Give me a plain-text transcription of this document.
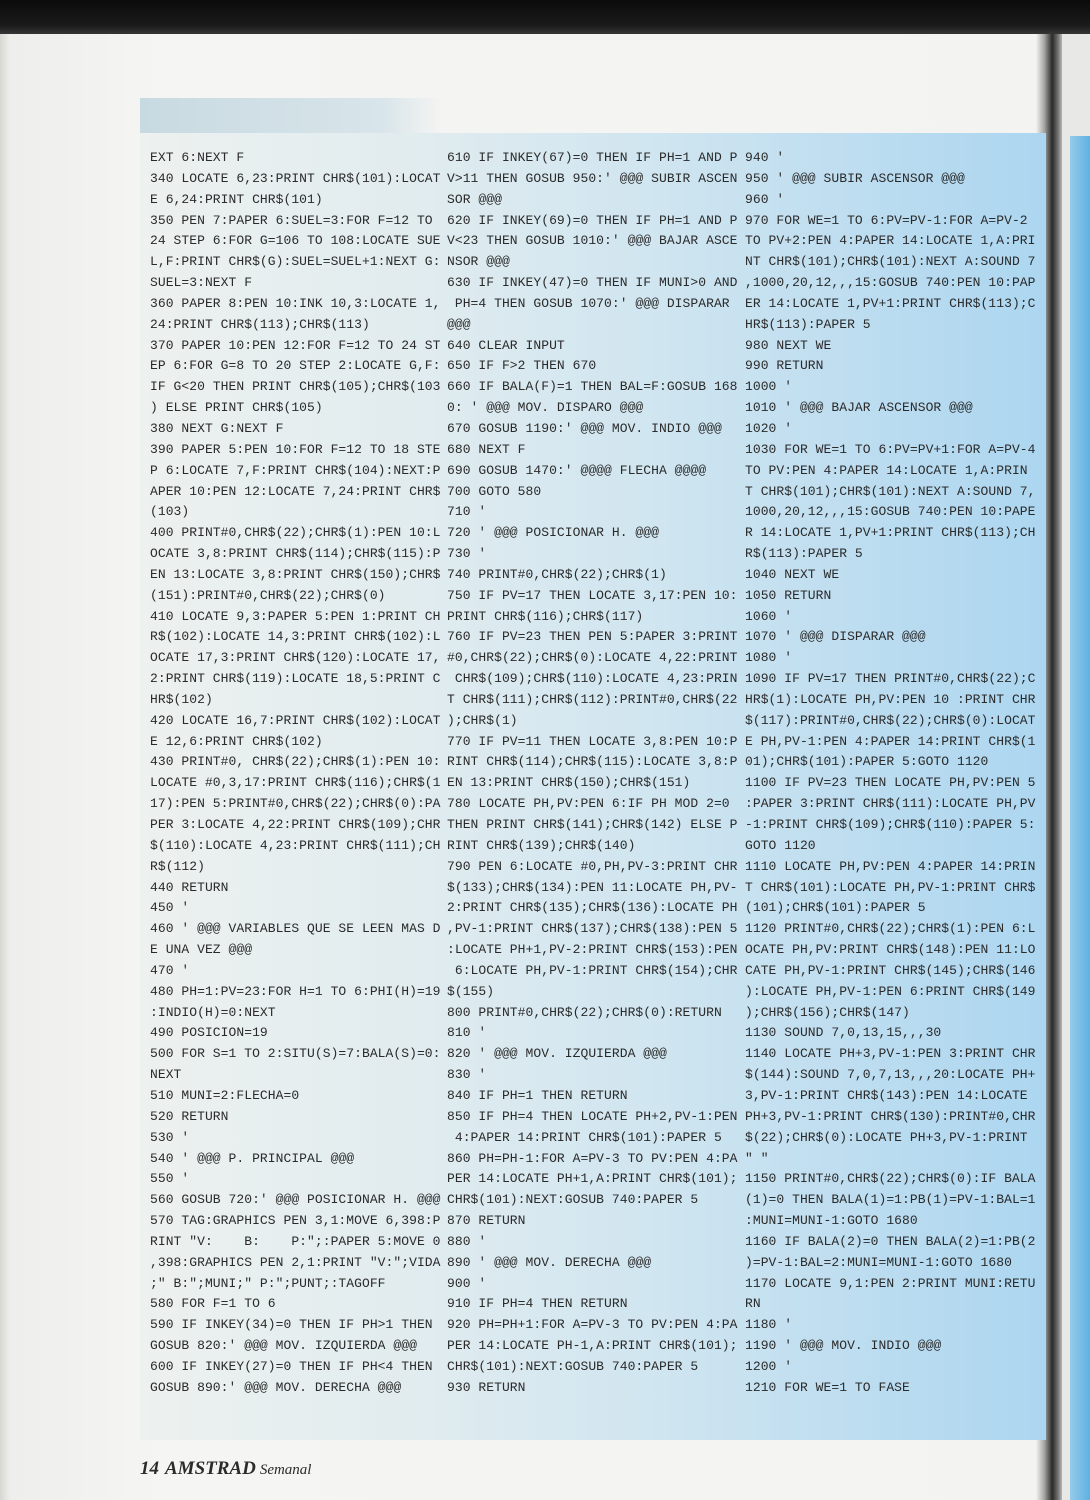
EXT 6:NEXT F
340 LOCATE 6,23:PRINT CHR$(101):LOCAT
E 6,24:PRINT CHR$(101)
350 PEN 7:PAPER 6:SUEL=3:FOR F=12 TO
24 STEP 6:FOR G=106 TO 108:LOCATE SUE
L,F:PRINT CHR$(G):SUEL=SUEL+1:NEXT G:
SUEL=3:NEXT F
360 PAPER 8:PEN 10:INK 10,3:LOCATE 1,
24:PRINT CHR$(113);CHR$(113)
370 PAPER 10:PEN 12:FOR F=12 TO 24 ST
EP 6:FOR G=8 TO 20 STEP 2:LOCATE G,F:
IF G<20 THEN PRINT CHR$(105);CHR$(103
) ELSE PRINT CHR$(105)
380 NEXT G:NEXT F
390 PAPER 5:PEN 10:FOR F=12 TO 18 STE
P 6:LOCATE 7,F:PRINT CHR$(104):NEXT:P
APER 10:PEN 12:LOCATE 7,24:PRINT CHR$
(103)
400 PRINT#0,CHR$(22);CHR$(1):PEN 10:L
OCATE 3,8:PRINT CHR$(114);CHR$(115):P
EN 13:LOCATE 3,8:PRINT CHR$(150);CHR$
(151):PRINT#0,CHR$(22);CHR$(0)
410 LOCATE 9,3:PAPER 5:PEN 1:PRINT CH
R$(102):LOCATE 14,3:PRINT CHR$(102):L
OCATE 17,3:PRINT CHR$(120):LOCATE 17,
2:PRINT CHR$(119):LOCATE 18,5:PRINT C
HR$(102)
420 LOCATE 16,7:PRINT CHR$(102):LOCAT
E 12,6:PRINT CHR$(102)
430 PRINT#0, CHR$(22);CHR$(1):PEN 10:
LOCATE #0,3,17:PRINT CHR$(116);CHR$(1
17):PEN 5:PRINT#0,CHR$(22);CHR$(0):PA
PER 3:LOCATE 4,22:PRINT CHR$(109);CHR
$(110):LOCATE 4,23:PRINT CHR$(111);CH
R$(112)
440 RETURN
450 '
460 ' @@@ VARIABLES QUE SE LEEN MAS D
E UNA VEZ @@@
470 '
480 PH=1:PV=23:FOR H=1 TO 6:PHI(H)=19
:INDIO(H)=0:NEXT
490 POSICION=19
500 FOR S=1 TO 2:SITU(S)=7:BALA(S)=0:
NEXT
510 MUNI=2:FLECHA=0
520 RETURN
530 '
540 ' @@@ P. PRINCIPAL @@@
550 '
560 GOSUB 720:' @@@ POSICIONAR H. @@@
570 TAG:GRAPHICS PEN 3,1:MOVE 6,398:P
RINT "V:    B:    P:";:PAPER 5:MOVE 0
,398:GRAPHICS PEN 2,1:PRINT "V:";VIDA
;" B:";MUNI;" P:";PUNT;:TAGOFF
580 FOR F=1 TO 6
590 IF INKEY(34)=0 THEN IF PH>1 THEN
GOSUB 820:' @@@ MOV. IZQUIERDA @@@
600 IF INKEY(27)=0 THEN IF PH<4 THEN
GOSUB 890:' @@@ MOV. DERECHA @@@
610 IF INKEY(67)=0 THEN IF PH=1 AND P
V>11 THEN GOSUB 950:' @@@ SUBIR ASCEN
SOR @@@
620 IF INKEY(69)=0 THEN IF PH=1 AND P
V<23 THEN GOSUB 1010:' @@@ BAJAR ASCE
NSOR @@@
630 IF INKEY(47)=0 THEN IF MUNI>0 AND
PH=4 THEN GOSUB 1070:' @@@ DISPARAR
@@@
640 CLEAR INPUT
650 IF F>2 THEN 670
660 IF BALA(F)=1 THEN BAL=F:GOSUB 168
0: ' @@@ MOV. DISPARO @@@
670 GOSUB 1190:' @@@ MOV. INDIO @@@
680 NEXT F
690 GOSUB 1470:' @@@@ FLECHA @@@@
700 GOTO 580
710 '
720 ' @@@ POSICIONAR H. @@@
730 '
740 PRINT#0,CHR$(22);CHR$(1)
750 IF PV=17 THEN LOCATE 3,17:PEN 10:
PRINT CHR$(116);CHR$(117)
760 IF PV=23 THEN PEN 5:PAPER 3:PRINT
#0,CHR$(22);CHR$(0):LOCATE 4,22:PRINT
CHR$(109);CHR$(110):LOCATE 4,23:PRIN
T CHR$(111);CHR$(112):PRINT#0,CHR$(22
);CHR$(1)
770 IF PV=11 THEN LOCATE 3,8:PEN 10:P
RINT CHR$(114);CHR$(115):LOCATE 3,8:P
EN 13:PRINT CHR$(150);CHR$(151)
780 LOCATE PH,PV:PEN 6:IF PH MOD 2=0
THEN PRINT CHR$(141);CHR$(142) ELSE P
RINT CHR$(139);CHR$(140)
790 PEN 6:LOCATE #0,PH,PV-3:PRINT CHR
$(133);CHR$(134):PEN 11:LOCATE PH,PV-
2:PRINT CHR$(135);CHR$(136):LOCATE PH
,PV-1:PRINT CHR$(137);CHR$(138):PEN 5
:LOCATE PH+1,PV-2:PRINT CHR$(153):PEN
6:LOCATE PH,PV-1:PRINT CHR$(154);CHR
$(155)
800 PRINT#0,CHR$(22);CHR$(0):RETURN
810 '
820 ' @@@ MOV. IZQUIERDA @@@
830 '
840 IF PH=1 THEN RETURN
850 IF PH=4 THEN LOCATE PH+2,PV-1:PEN
4:PAPER 14:PRINT CHR$(101):PAPER 5
860 PH=PH-1:FOR A=PV-3 TO PV:PEN 4:PA
PER 14:LOCATE PH+1,A:PRINT CHR$(101);
CHR$(101):NEXT:GOSUB 740:PAPER 5
870 RETURN
880 '
890 ' @@@ MOV. DERECHA @@@
900 '
910 IF PH=4 THEN RETURN
920 PH=PH+1:FOR A=PV-3 TO PV:PEN 4:PA
PER 14:LOCATE PH-1,A:PRINT CHR$(101);
CHR$(101):NEXT:GOSUB 740:PAPER 5
930 RETURN
940 '
950 ' @@@ SUBIR ASCENSOR @@@
960 '
970 FOR WE=1 TO 6:PV=PV-1:FOR A=PV-2
TO PV+2:PEN 4:PAPER 14:LOCATE 1,A:PRI
NT CHR$(101);CHR$(101):NEXT A:SOUND 7
,1000,20,12,,,15:GOSUB 740:PEN 10:PAP
ER 14:LOCATE 1,PV+1:PRINT CHR$(113);C
HR$(113):PAPER 5
980 NEXT WE
990 RETURN
1000 '
1010 ' @@@ BAJAR ASCENSOR @@@
1020 '
1030 FOR WE=1 TO 6:PV=PV+1:FOR A=PV-4
TO PV:PEN 4:PAPER 14:LOCATE 1,A:PRIN
T CHR$(101);CHR$(101):NEXT A:SOUND 7,
1000,20,12,,,15:GOSUB 740:PEN 10:PAPE
R 14:LOCATE 1,PV+1:PRINT CHR$(113);CH
R$(113):PAPER 5
1040 NEXT WE
1050 RETURN
1060 '
1070 ' @@@ DISPARAR @@@
1080 '
1090 IF PV=17 THEN PRINT#0,CHR$(22);C
HR$(1):LOCATE PH,PV:PEN 10 :PRINT CHR
$(117):PRINT#0,CHR$(22);CHR$(0):LOCAT
E PH,PV-1:PEN 4:PAPER 14:PRINT CHR$(1
01);CHR$(101):PAPER 5:GOTO 1120
1100 IF PV=23 THEN LOCATE PH,PV:PEN 5
:PAPER 3:PRINT CHR$(111):LOCATE PH,PV
-1:PRINT CHR$(109);CHR$(110):PAPER 5:
GOTO 1120
1110 LOCATE PH,PV:PEN 4:PAPER 14:PRIN
T CHR$(101):LOCATE PH,PV-1:PRINT CHR$
(101);CHR$(101):PAPER 5
1120 PRINT#0,CHR$(22);CHR$(1):PEN 6:L
OCATE PH,PV:PRINT CHR$(148):PEN 11:LO
CATE PH,PV-1:PRINT CHR$(145);CHR$(146
):LOCATE PH,PV-1:PEN 6:PRINT CHR$(149
);CHR$(156);CHR$(147)
1130 SOUND 7,0,13,15,,,30
1140 LOCATE PH+3,PV-1:PEN 3:PRINT CHR
$(144):SOUND 7,0,7,13,,,20:LOCATE PH+
3,PV-1:PRINT CHR$(143):PEN 14:LOCATE
PH+3,PV-1:PRINT CHR$(130):PRINT#0,CHR
$(22);CHR$(0):LOCATE PH+3,PV-1:PRINT
" "
1150 PRINT#0,CHR$(22);CHR$(0):IF BALA
(1)=0 THEN BALA(1)=1:PB(1)=PV-1:BAL=1
:MUNI=MUNI-1:GOTO 1680
1160 IF BALA(2)=0 THEN BALA(2)=1:PB(2
)=PV-1:BAL=2:MUNI=MUNI-1:GOTO 1680
1170 LOCATE 9,1:PEN 2:PRINT MUNI:RETU
RN
1180 '
1190 ' @@@ MOV. INDIO @@@
1200 '
1210 FOR WE=1 TO FASE
14 AMSTRAD Semanal
